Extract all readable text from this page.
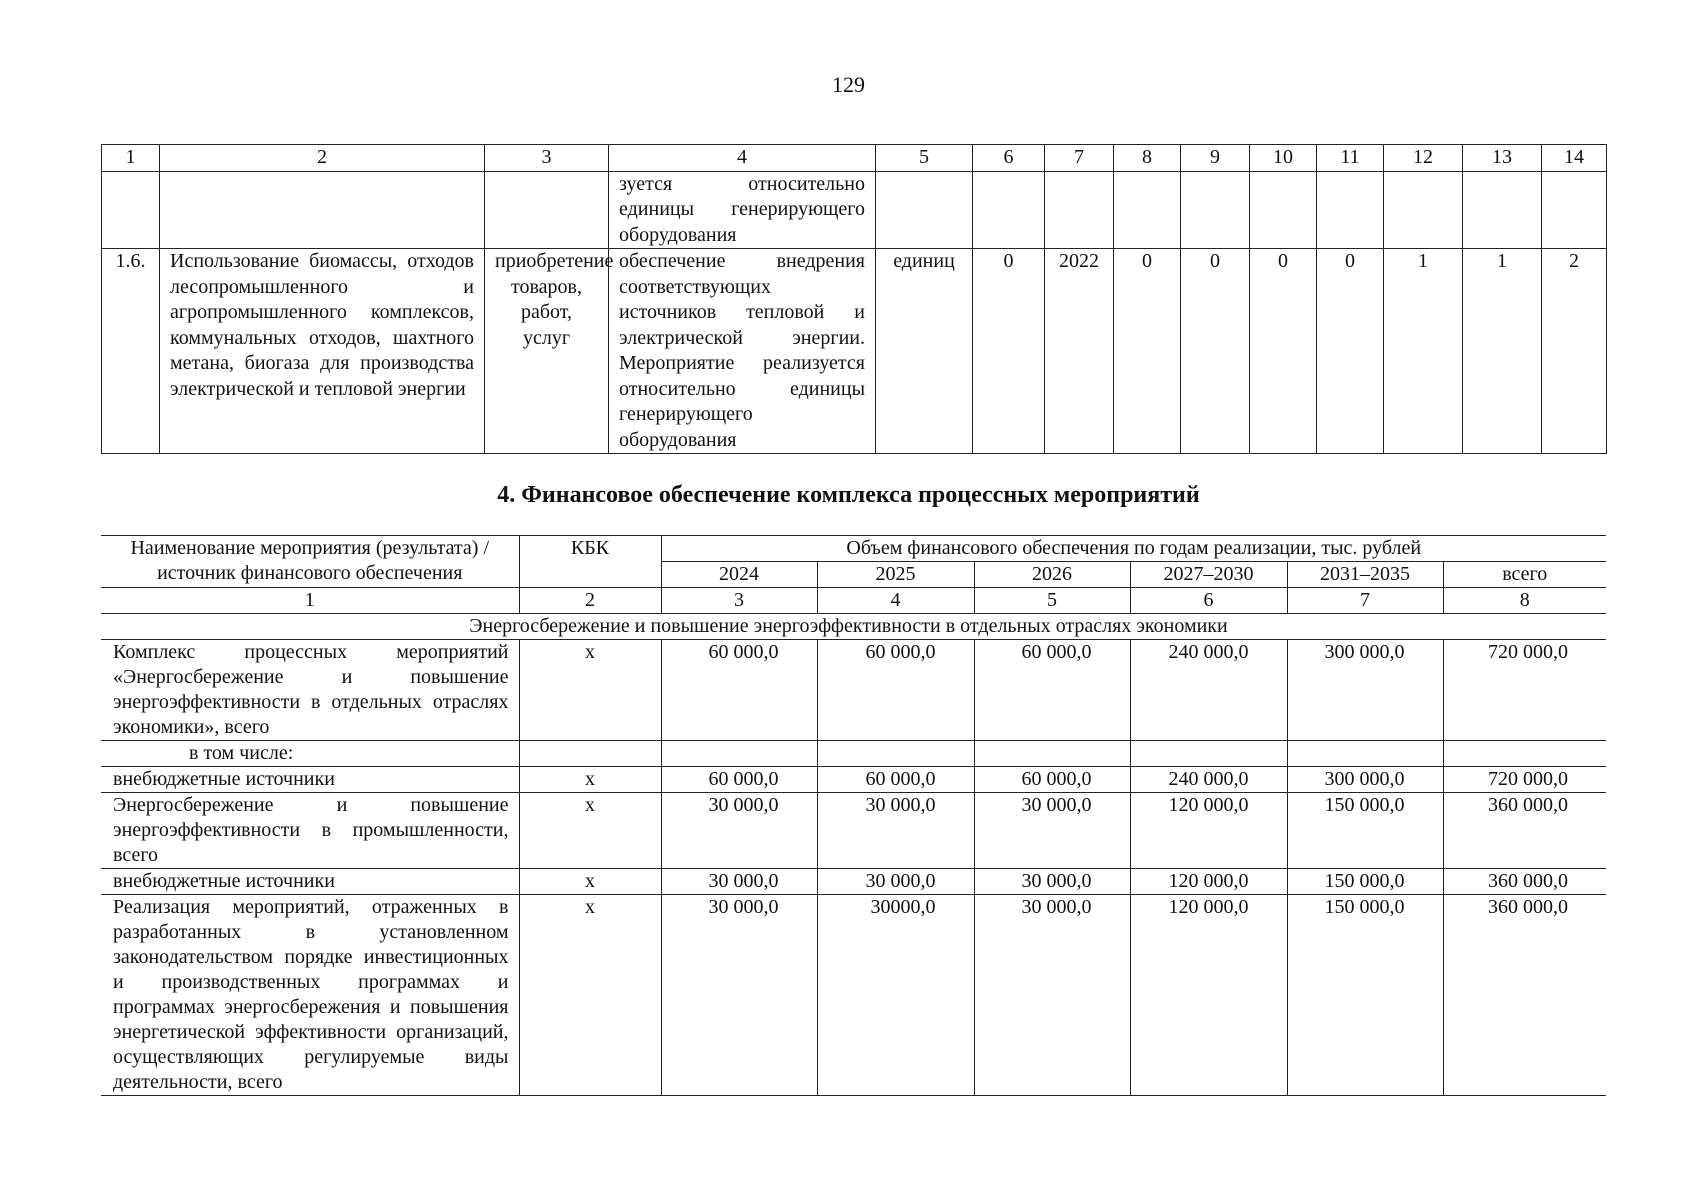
129
1	2	3	4	5	6	7	8	9	10	11	12	13	14
			зуется относительно единицы генерирующего оборудования										
1.6.	Использование биомассы, отходов лесопромышленного и агропромышленного комплексов, коммунальных отходов, шахтного метана, биогаза для производства электрической и тепловой энергии	приобретение товаров, работ, услуг	обеспечение внедрения соответствующих источников тепловой и электрической энергии. Мероприятие реализуется относительно единицы генерирующего оборудования	единиц	0	2022	0	0	0	0	1	1	2
4. Финансовое обеспечение комплекса процессных мероприятий
Наименование мероприятия (результата) / источник финансового обеспечения	КБК	Объем финансового обеспечения по годам реализации, тыс. рублей					
		2024	2025	2026	2027–2030	2031–2035	всего
1	2	3	4	5	6	7	8
Энергосбережение и повышение энергоэффективности в отдельных отраслях экономики							
Комплекс процессных мероприятий «Энергосбережение и повышение энергоэффективности в отдельных отраслях экономики», всего	х	60 000,0	60 000,0	60 000,0	240 000,0	300 000,0	720 000,0
в том числе:							
внебюджетные источники	х	60 000,0	60 000,0	60 000,0	240 000,0	300 000,0	720 000,0
Энергосбережение и повышение энергоэффективности в промышленности, всего	х	30 000,0	30 000,0	30 000,0	120 000,0	150 000,0	360 000,0
внебюджетные источники	х	30 000,0	30 000,0	30 000,0	120 000,0	150 000,0	360 000,0
Реализация мероприятий, отраженных в разработанных в установленном законодательством порядке инвестиционных и производственных программах и программах энергосбережения и повышения энергетической эффективности организаций, осуществляющих регулируемые виды деятельности, всего	х	30 000,0	30000,0	30 000,0	120 000,0	150 000,0	360 000,0
